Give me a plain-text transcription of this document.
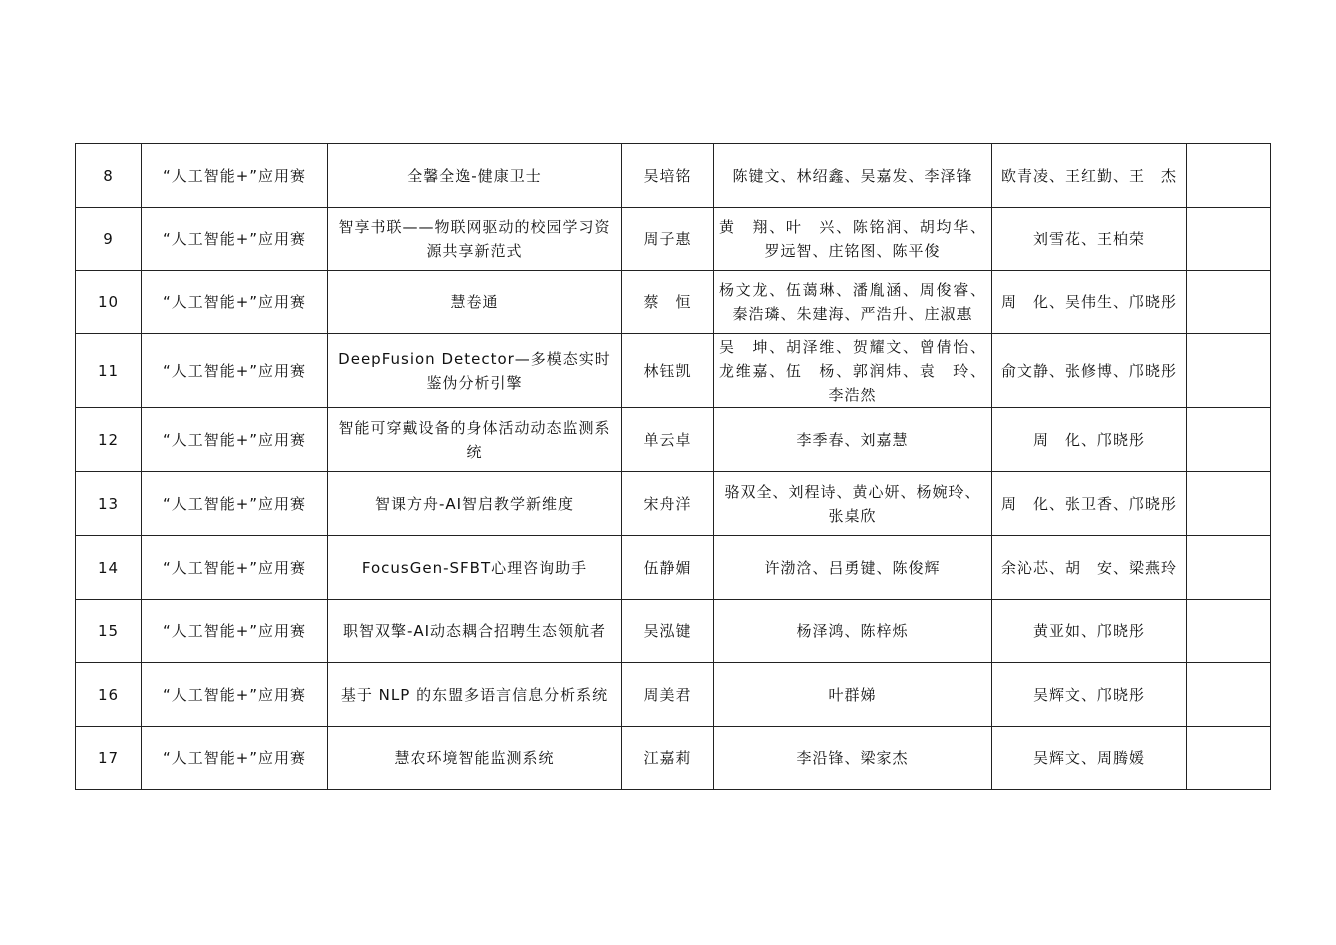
8	“人工智能+”应用赛	全馨全逸-健康卫士	吴培铭	陈键文、林绍鑫、吴嘉发、李泽锋	欧青凌、王红勤、王　杰	
9	“人工智能+”应用赛	智享书联——物联网驱动的校园学习资源共享新范式	周子惠	黄　翔、叶　兴、陈铭润、胡均华、罗远智、庄铭图、陈平俊	刘雪花、王柏荣	
10	“人工智能+”应用赛	慧卷通	蔡　恒	杨文龙、伍蔼琳、潘胤涵、周俊睿、秦浩璘、朱建海、严浩升、庄淑惠	周　化、吴伟生、邝晓彤	
11	“人工智能+”应用赛	DeepFusion Detector—多模态实时鉴伪分析引擎	林钰凯	吴　坤、胡泽维、贺耀文、曾倩怡、龙维嘉、伍　杨、郭润炜、袁　玲、李浩然	俞文静、张修博、邝晓彤	
12	“人工智能+”应用赛	智能可穿戴设备的身体活动动态监测系统	单云卓	李季春、刘嘉慧	周　化、邝晓彤	
13	“人工智能+”应用赛	智课方舟-AI智启教学新维度	宋舟洋	骆双全、刘程诗、黄心妍、杨婉玲、张桌欣	周　化、张卫香、邝晓彤	
14	“人工智能+”应用赛	FocusGen-SFBT心理咨询助手	伍静媚	许渤浛、吕勇键、陈俊辉	余沁芯、胡　安、梁燕玲	
15	“人工智能+”应用赛	职智双擎-AI动态耦合招聘生态领航者	吴泓键	杨泽鸿、陈梓烁	黄亚如、邝晓彤	
16	“人工智能+”应用赛	基于 NLP 的东盟多语言信息分析系统	周美君	叶群娣	吴辉文、邝晓彤	
17	“人工智能+”应用赛	慧农环境智能监测系统	江嘉莉	李沿锋、梁家杰	吴辉文、周腾媛	
